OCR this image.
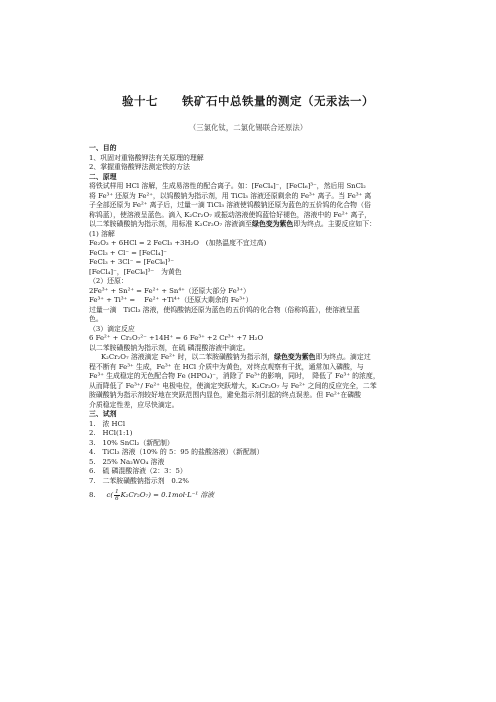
验十七　　铁矿石中总铁量的测定（无汞法一）
（三氯化钛，二氯化锡联合还原法）
一、目的
1、巩固对重铬酸钾法有关原理的理解
2、掌握重铬酸钾法测定铁的方法
二、原理
将铁试样用 HCl 溶解，生成易溶性的配合离子。如：[FeCl₄]⁻，[FeCl₆]³⁻，然后用 SnCl₂
将 Fe³⁺ 还原为 Fe²⁺，以钨酸钠为指示剂，用 TiCl₃ 溶液还原剩余的 Fe³⁺ 离子。当 Fe³⁺ 离
子全部还原为 Fe²⁺ 离子后，过量一滴 TiCl₃ 溶液使钨酸钠还原为蓝色的五价钨的化合物（俗
称钨蓝），使溶液呈蓝色。滴入 K₂Cr₂O₇ 或振动溶液使钨蓝恰好褪色，溶液中的 Fe²⁺ 离子，
以二苯胺磺酸钠为指示剂，用标准 K₂Cr₂O₇ 溶液滴至绿色变为紫色即为终点。主要反应如下：
(1) 溶解
Fe₂O₃ + 6HCl = 2 FeCl₃ +3H₂O　(加热温度不宜过高)
FeCl₃ + Cl⁻ = [FeCl₄]⁻
FeCl₃ + 3Cl⁻ = [FeCl₆]³⁻
[FeCl₄]⁻，[FeCl₆]³⁻　为黄色
（2）还原：
2Fe³⁺ + Sn²⁺ = Fe²⁺ + Sn⁴⁺（还原大部分 Fe³⁺）
Fe³⁺ + Ti³⁺ = 　Fe²⁺ +Ti⁴⁺（还原大剩余的 Fe³⁺）
过量一滴　TiCl₃ 溶液，使钨酸钠还原为蓝色的五价钨的化合物（俗称钨蓝），使溶液呈蓝
色。
（3）滴定反应
6 Fe²⁺ + Cr₂O₇²⁻ +14H⁺ = 6 Fe³⁺ +2 Cr³⁺ +7 H₂O
以二苯胺磺酸钠为指示剂，在硫 磷混酸溶液中滴定。
K₂Cr₂O₇ 溶液滴定 Fe²⁺ 时，以二苯胺磺酸钠为指示剂，绿色变为紫色即为终点。滴定过
程不断有 Fe³⁺ 生成，Fe³⁺ 在 HCl 介质中为黄色，对终点观察有干扰，通常加入磷酸，与
Fe³⁺ 生成稳定的无色配合物 Fe (HPO₄)⁻，消除了 Fe³⁺的影响，同时，　降低了 Fe³⁺ 的浓度，
从而降低了 Fe³⁺/ Fe²⁺ 电极电位，使滴定突跃增大，K₂Cr₂O₇ 与 Fe²⁺ 之间的反应完全，二苯
胺磺酸钠为指示剂较好地在突跃范围内显色，避免指示剂引起的终点误差。但 Fe²⁺在磷酸
介质稳定性差，应尽快滴定。
三、试剂
1.　浓 HCl
2.　HCl(1:1)
3.　10% SnCl₂（新配制）
4.　TiCl₃ 溶液（10% 的 5：95 的盐酸溶液）（新配制）
5.　25% Na₂WO₄ 溶液
6.　硫 磷混酸溶液（2：3：5）
7.　二苯胺磺酸钠指示剂　0.2%
8. $c( \frac{1}{6} K_2Cr_2O_7) = 0.1mol\cdot L^{-1}$ 溶液
